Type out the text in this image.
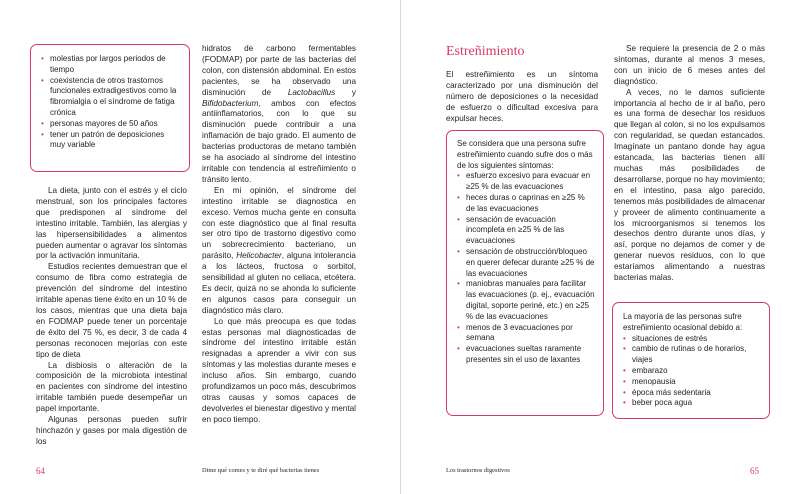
• molestias por largos periodos de tiempo
• coexistencia de otros trastornos funcionales extradigestivos como la fibromialgia o el síndrome de fatiga crónica
• personas mayores de 50 años
• tener un patrón de deposiciones muy variable

La dieta, junto con el estrés y el ciclo menstrual, son los principales factores que predisponen al síndrome del intestino irritable. También, las alergias y las hipersensibilidades a alimentos pueden aumentar o agravar los síntomas por la activación inmunitaria.

Estudios recientes demuestran que el consumo de fibra como estrategia de prevención del síndrome del intestino irritable apenas tiene éxito en un 10 % de los casos, mientras que una dieta baja en FODMAP puede tener un porcentaje de éxito del 75 %, es decir, 3 de cada 4 personas reconocen mejorías con este tipo de dieta

La disbiosis o alteración de la composición de la microbiota intestinal en pacientes con síndrome del intestino irritable también puede desempeñar un papel importante.

Algunas personas pueden sufrir hinchazón y gases por mala digestión de los

hidratos de carbono fermentables (FODMAP) por parte de las bacterias del colon, con distensión abdominal. En estos pacientes, se ha observado una disminución de Lactobacillus y Bifidobacterium, ambos con efectos antiinflamatorios, con lo que su disminución puede contribuir a una inflamación de bajo grado. El aumento de bacterias productoras de metano también se ha asociado al síndrome del intestino irritable con tendencia al estreñimiento o tránsito lento.

En mi opinión, el síndrome del intestino irritable se diagnostica en exceso. Vemos mucha gente en consulta con este diagnóstico que al final resulta ser otro tipo de trastorno digestivo como un sobrecrecimiento bacteriano, un parásito, Helicobacter, alguna intolerancia a los lácteos, fructosa o sorbitol, sensibilidad al gluten no celiaca, etcétera. Es decir, quizá no se ahonda lo suficiente en algunos casos para conseguir un diagnóstico más claro.

Lo que más preocupa es que todas estas personas mal diagnosticadas de síndrome del intestino irritable están resignadas a aprender a vivir con sus síntomas y las molestias durante meses e incluso años. Sin embargo, cuando profundizamos un poco más, descubrimos otras causas y somos capaces de devolverles el bienestar digestivo y mental en poco tiempo.

64	Dime qué comes y te diré qué bacterias tienes
Estreñimiento

El estreñimiento es un síntoma caracterizado por una disminución del número de deposiciones o la necesidad de esfuerzo o dificultad excesiva para expulsar heces.

Se considera que una persona sufre estreñimiento cuando sufre dos o más de los siguientes síntomas:

• esfuerzo excesivo para evacuar en ≥25 % de las evacuaciones
• heces duras o caprinas en ≥25 % de las evacuaciones
• sensación de evacuación incompleta en ≥25 % de las evacuaciones
• sensación de obstrucción/bloqueo en querer defecar durante ≥25 % de las evacuaciones
• maniobras manuales para facilitar las evacuaciones (p. ej., evacuación digital, soporte periné, etc.) en ≥25 % de las evacuaciones
• menos de 3 evacuaciones por semana
• evacuaciones sueltas raramente presentes sin el uso de laxantes

Se requiere la presencia de 2 o más síntomas, durante al menos 3 meses, con un inicio de 6 meses antes del diagnóstico.

A veces, no le damos suficiente importancia al hecho de ir al baño, pero es una forma de desechar los residuos que llegan al colon, si no los expulsamos con regularidad, se quedan estancados. Imagínate un pantano donde hay agua estancada, las bacterias tienen allí muchas más posibilidades de desarrollarse, porque no hay movimiento; en el intestino, pasa algo parecido, tenemos más posibilidades de almacenar y proveer de alimento continuamente a los microorganismos si tenemos los desechos dentro durante unos días, y así, porque no dejamos de comer y de generar nuevos residuos, con lo que estaríamos alimentando a nuestras bacterias malas.

La mayoría de las personas sufre estreñimiento ocasional debido a:

• situaciones de estrés
• cambio de rutinas o de horarios, viajes
• embarazo
• menopausia
• época más sedentaria
• beber poca agua
Los trastornos digestivos	65
